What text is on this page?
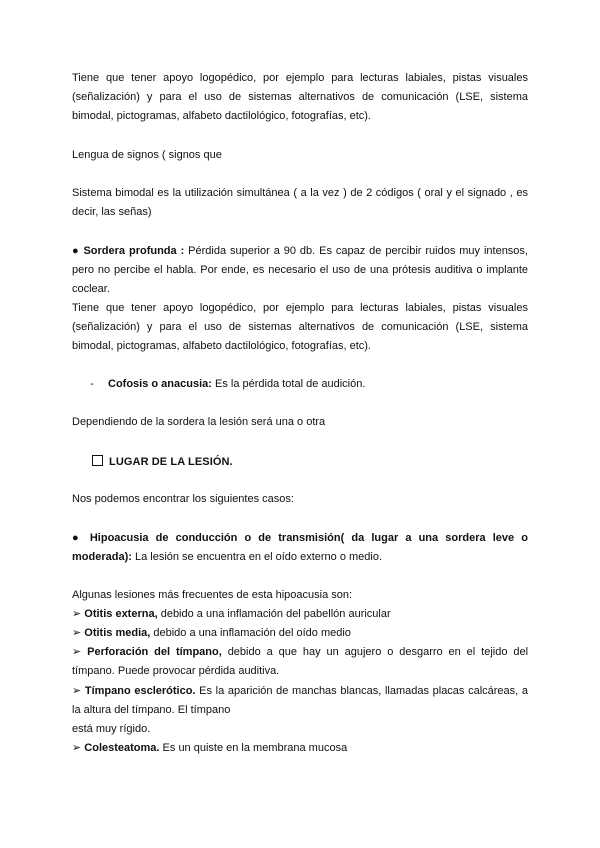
Tiene que tener apoyo logopédico, por ejemplo para lecturas labiales, pistas visuales (señalización) y para el uso de sistemas alternativos de comunicación (LSE, sistema bimodal, pictogramas, alfabeto dactilológico, fotografías, etc).

Lengua de signos ( signos que

Sistema bimodal es la utilización simultánea ( a la vez ) de 2 códigos ( oral y el signado , es decir, las señas)

● Sordera profunda : Pérdida superior a 90 db. Es capaz de percibir ruidos muy intensos, pero no percibe el habla. Por ende, es necesario el uso de una prótesis auditiva o implante coclear.

Tiene que tener apoyo logopédico, por ejemplo para lecturas labiales, pistas visuales (señalización) y para el uso de sistemas alternativos de comunicación (LSE, sistema bimodal, pictogramas, alfabeto dactilológico, fotografías, etc).

- Cofosis o anacusia: Es la pérdida total de audición.

Dependiendo de la sordera la lesión será una o otra

LUGAR DE LA LESIÓN.

Nos podemos encontrar los siguientes casos:

● Hipoacusia de conducción o de transmisión( da lugar a una sordera leve o moderada): La lesión se encuentra en el oído externo o medio.

Algunas lesiones más frecuentes de esta hipoacusia son:

➢ Otitis externa, debido a una inflamación del pabellón auricular

➢ Otitis media, debido a una inflamación del oído medio

➢ Perforación del tímpano, debido a que hay un agujero o desgarro en el tejido del tímpano. Puede provocar pérdida auditiva.

➢ Tímpano esclerótico. Es la aparición de manchas blancas, llamadas placas calcáreas, a la altura del tímpano. El tímpano

está muy rígido.

➢ Colesteatoma. Es un quiste en la membrana mucosa
